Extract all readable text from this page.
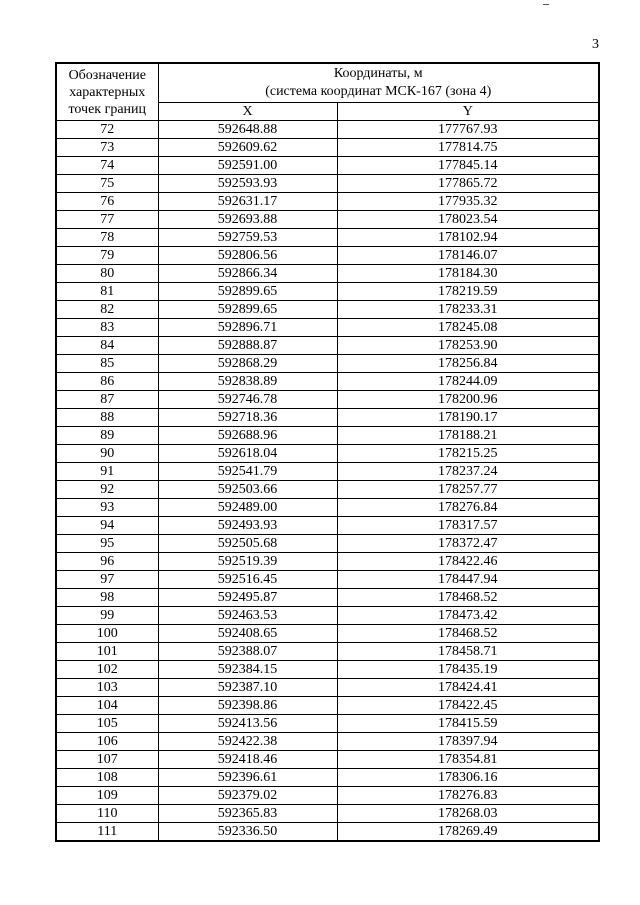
3
Обозначение
характерных
точек границ	Координаты, м
(система координат МСК-167 (зона 4)	

	X	Y
72	592648.88	177767.93
73	592609.62	177814.75
74	592591.00	177845.14
75	592593.93	177865.72
76	592631.17	177935.32
77	592693.88	178023.54
78	592759.53	178102.94
79	592806.56	178146.07
80	592866.34	178184.30
81	592899.65	178219.59
82	592899.65	178233.31
83	592896.71	178245.08
84	592888.87	178253.90
85	592868.29	178256.84
86	592838.89	178244.09
87	592746.78	178200.96
88	592718.36	178190.17
89	592688.96	178188.21
90	592618.04	178215.25
91	592541.79	178237.24
92	592503.66	178257.77
93	592489.00	178276.84
94	592493.93	178317.57
95	592505.68	178372.47
96	592519.39	178422.46
97	592516.45	178447.94
98	592495.87	178468.52
99	592463.53	178473.42
100	592408.65	178468.52
101	592388.07	178458.71
102	592384.15	178435.19
103	592387.10	178424.41
104	592398.86	178422.45
105	592413.56	178415.59
106	592422.38	178397.94
107	592418.46	178354.81
108	592396.61	178306.16
109	592379.02	178276.83
110	592365.83	178268.03
111	592336.50	178269.49
